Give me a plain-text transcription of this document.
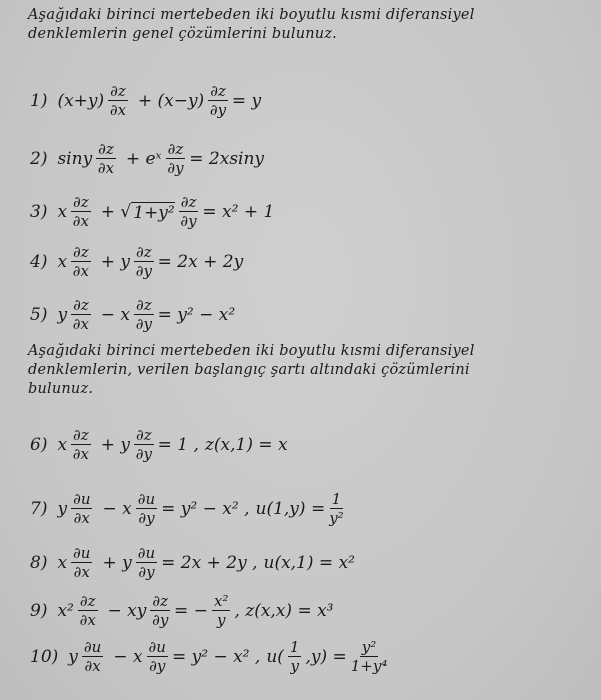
Aşağıdaki birinci mertebeden iki boyutlu kısmi diferansiyel
denklemlerin genel çözümlerini bulunuz.
1) $(x+y) \frac{\partial z}{\partial x} + (x-y) \frac{\partial z}{\partial y} = y$
2) siny $\frac{\partial z}{\partial x}$ + eˣ $\frac{\partial z}{\partial y} = 2xsiny$
3) x $\frac{\partial z}{\partial x}$ + √ $1+y^2 \frac{\partial z}{\partial y} = x^2 + 1$
4) x $\frac{\partial z}{\partial x} + y \frac{\partial z}{\partial y} = 2x + 2y$
5) y $\frac{\partial z}{\partial x} - x \frac{\partial z}{\partial y} = y^2 - x^2$
Aşağıdaki birinci mertebeden iki boyutlu kısmi diferansiyel
denklemlerin, verilen başlangıç şartı altındaki çözümlerini
bulunuz.
6) x $\frac{\partial z}{\partial x} + y \frac{\partial z}{\partial y} = 1$ , z(x,1) = x
7) y $\frac{\partial u}{\partial x} - x \frac{\partial u}{\partial y} = y^2 - x^2$ , $u(1,y) = \frac{1}{\text{y²}}$
8) x $\frac{\partial u}{\partial x} + y \frac{\partial u}{\partial y} = 2x + 2y$ , u(x,1) = x²
9) $x^2 \frac{\partial z}{\partial x}$ − xy $\frac{\partial z}{\partial y}$ = − $\frac{\text{x²}}{y}$ , z(x,x) = x³
10) y $\frac{\partial u}{\partial x} - x \frac{\partial u}{\partial y} = y^2 - x^2$ , $u( \frac{1}{y} ,y) = \frac{\text{y²}}{\text{1+y⁴}}$
